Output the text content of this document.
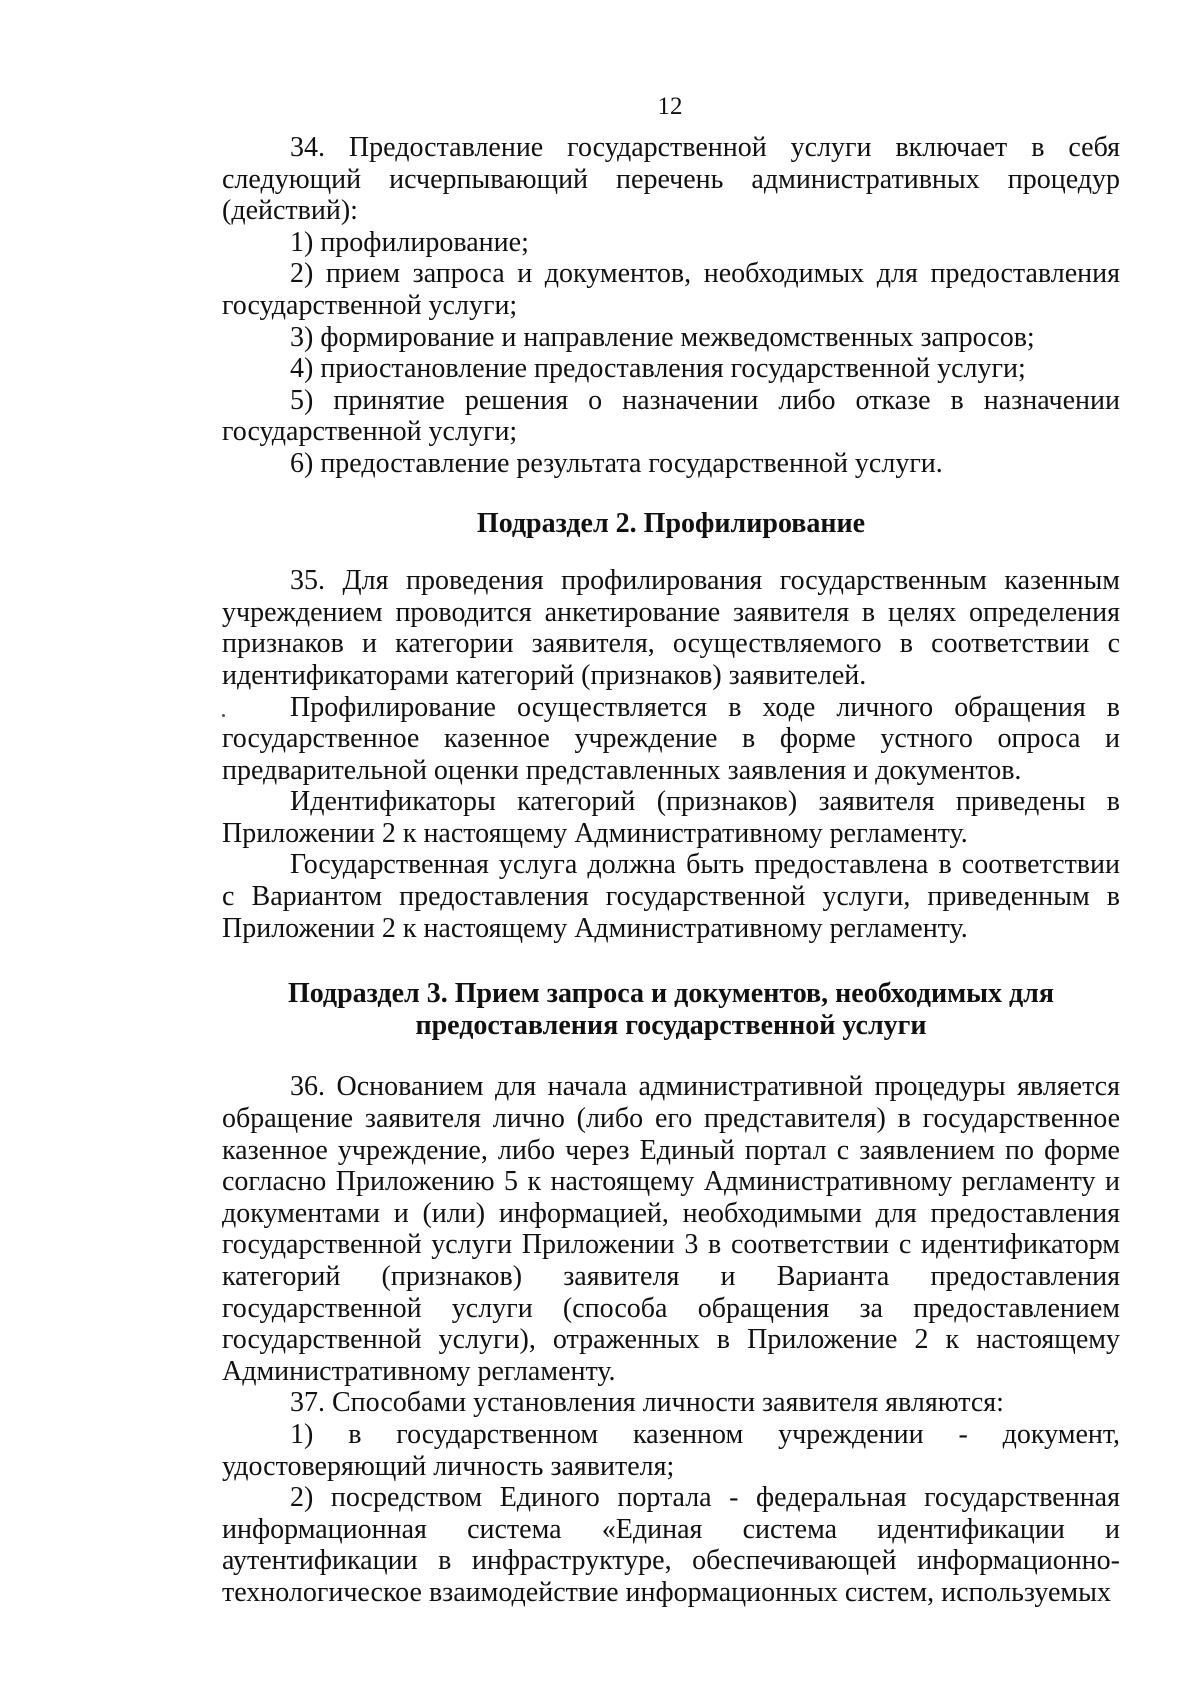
12

34. Предоставление государственной услуги включает в себя следующий исчерпывающий перечень административных процедур (действий):

1) профилирование;

2) прием запроса и документов, необходимых для предоставления государственной услуги;

3) формирование и направление межведомственных запросов;

4) приостановление предоставления государственной услуги;

5) принятие решения о назначении либо отказе в назначении государственной услуги;

6) предоставление результата государственной услуги.

Подраздел 2. Профилирование

35. Для проведения профилирования государственным казенным учреждением проводится анкетирование заявителя в целях определения признаков и категории заявителя, осуществляемого в соответствии с идентификаторами категорий (признаков) заявителей.

Профилирование осуществляется в ходе личного обращения в государственное казенное учреждение в форме устного опроса и предварительной оценки представленных заявления и документов.

Идентификаторы категорий (признаков) заявителя приведены в Приложении 2 к настоящему Административному регламенту.

Государственная услуга должна быть предоставлена в соответствии с Вариантом предоставления государственной услуги, приведенным в Приложении 2 к настоящему Административному регламенту.

Подраздел 3. Прием запроса и документов, необходимых для
предоставления государственной услуги

36. Основанием для начала административной процедуры является обращение заявителя лично (либо его представителя) в государственное казенное учреждение, либо через Единый портал с заявлением по форме согласно Приложению 5 к настоящему Административному регламенту и документами и (или) информацией, необходимыми для предоставления государственной услуги Приложении 3 в соответствии с идентификаторм категорий (признаков) заявителя и Варианта предоставления государственной услуги (способа обращения за предоставлением государственной услуги), отраженных в Приложение 2 к настоящему Административному регламенту.

37. Способами установления личности заявителя являются:

1) в государственном казенном учреждении - документ, удостоверяющий личность заявителя;

2) посредством Единого портала - федеральная государственная информационная система «Единая система идентификации и аутентификации в инфраструктуре, обеспечивающей информационно-технологическое взаимодействие информационных систем, используемых
